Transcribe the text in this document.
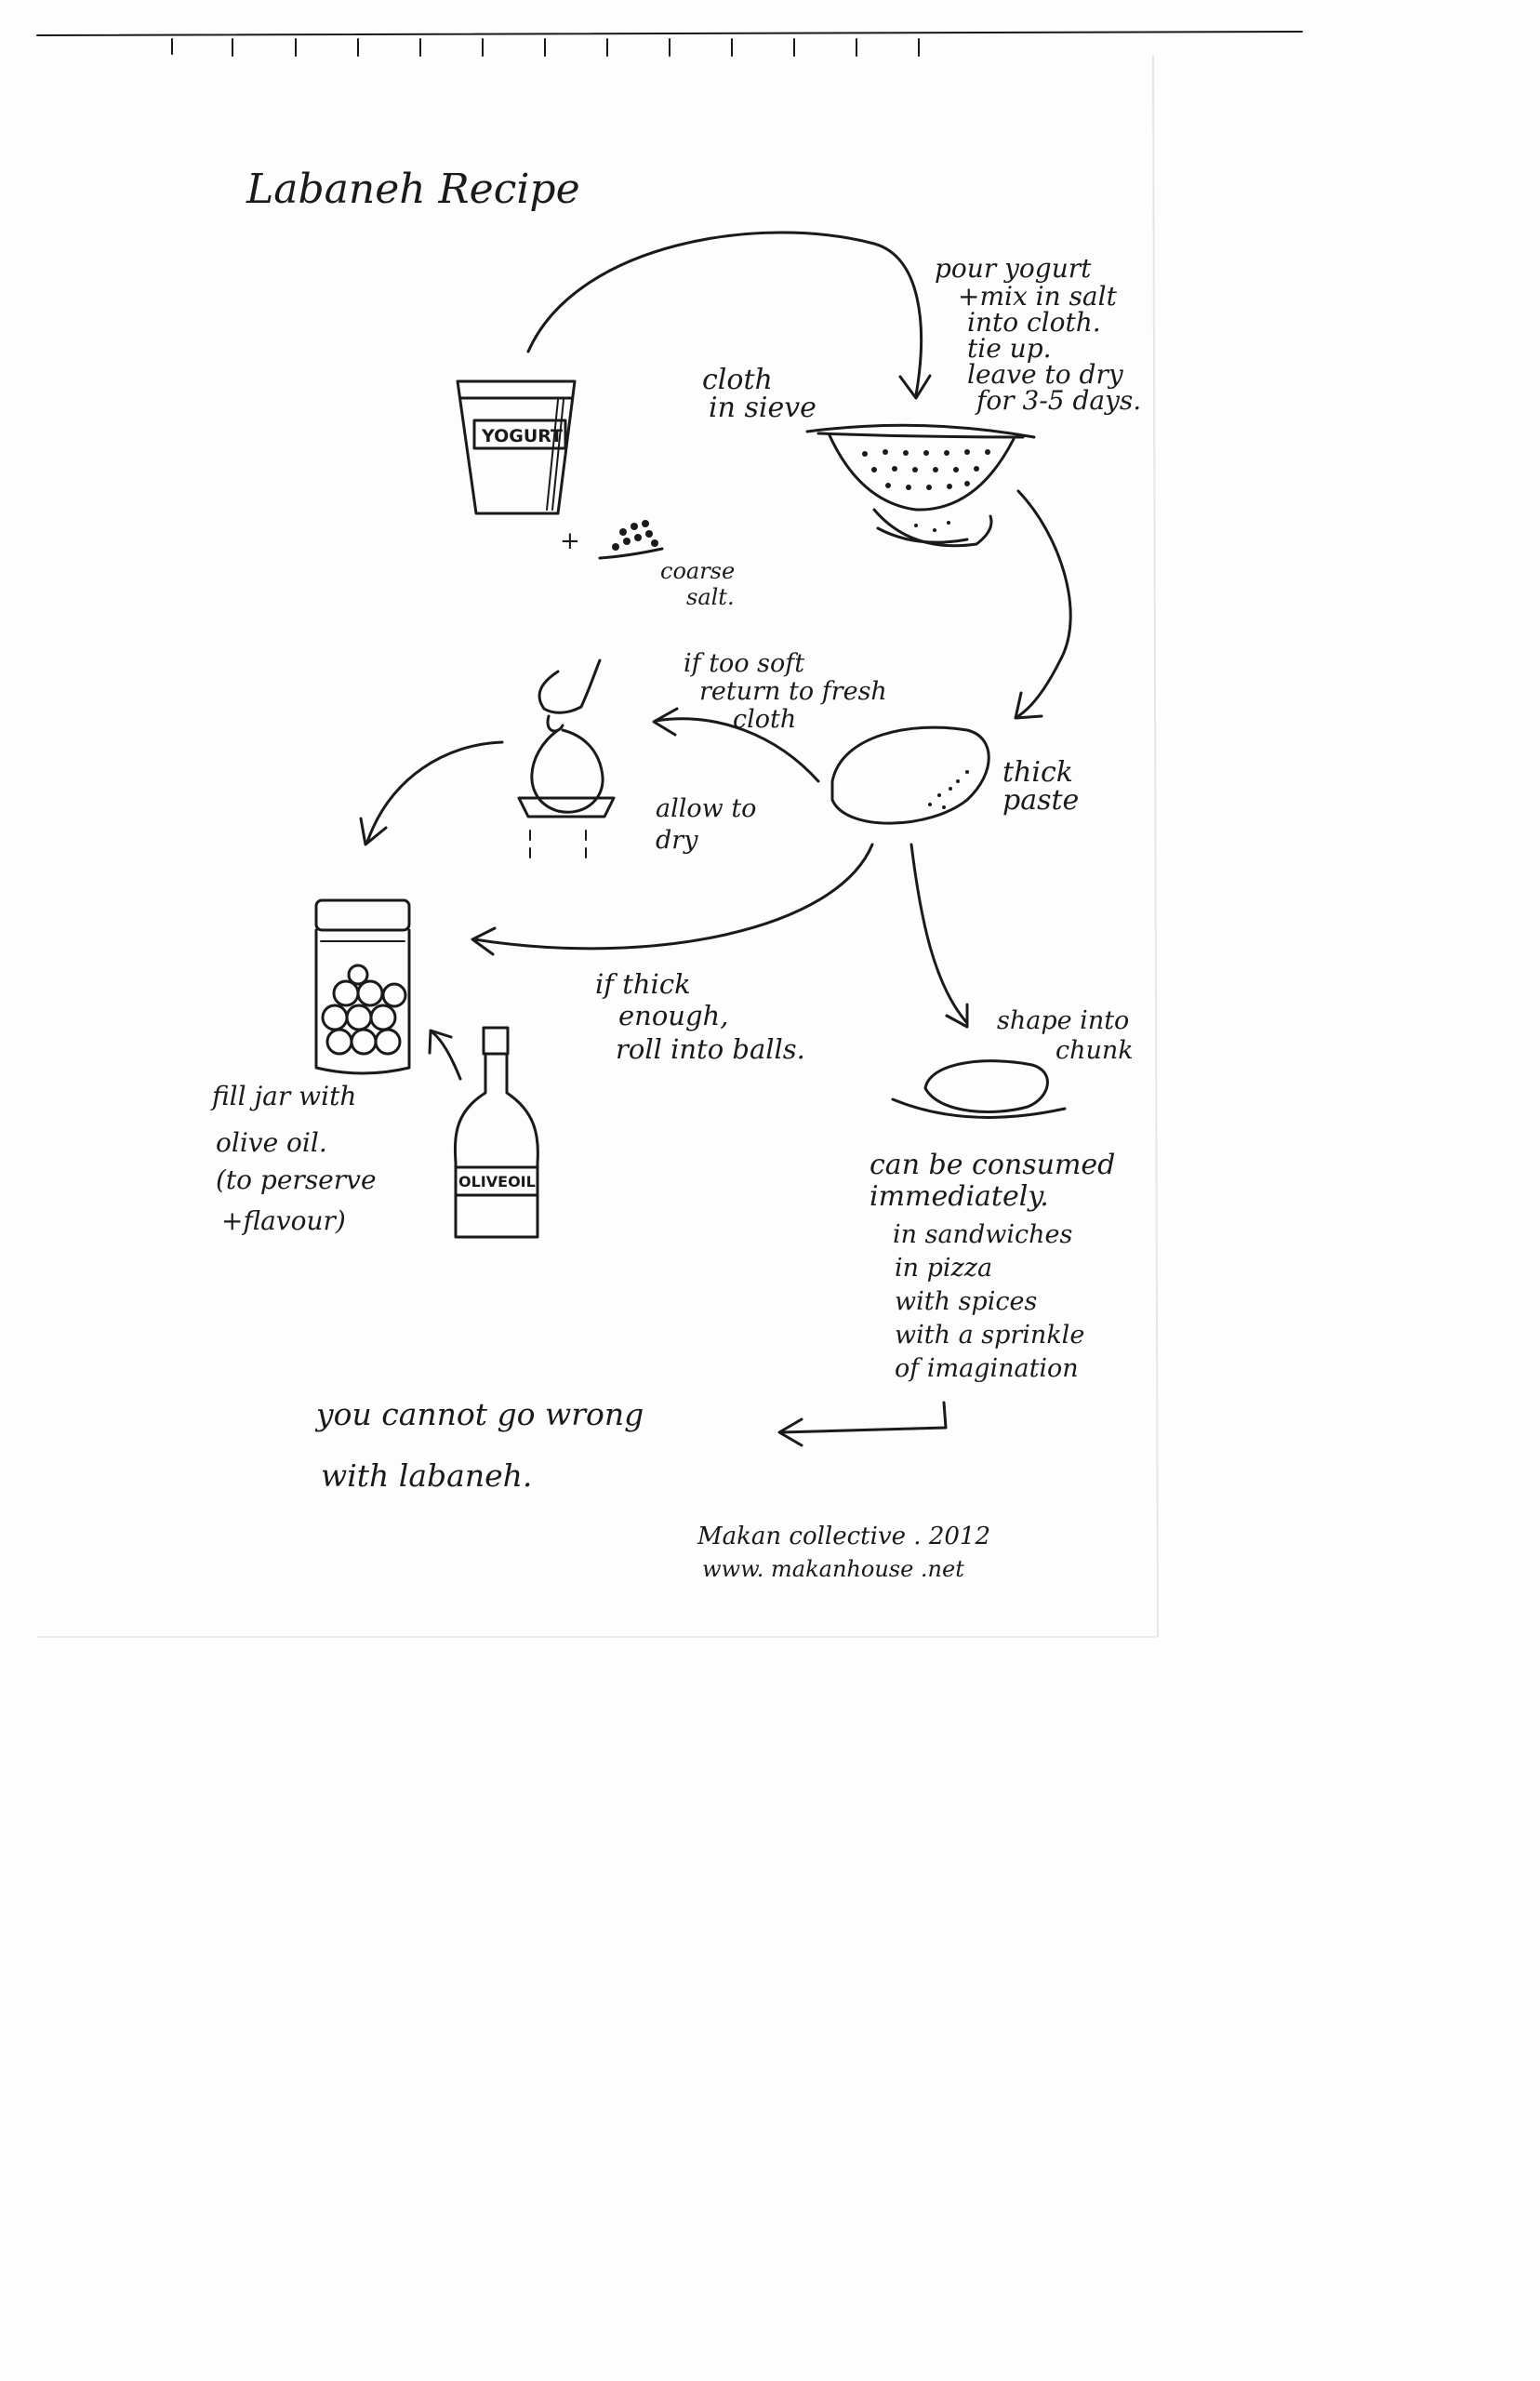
Labaneh Recipe
YOGURT
+
coarse
salt.
cloth
in sieve
pour yogurt
+mix in salt
into cloth.
tie up.
leave to dry
for 3-5 days.
thick
paste
if too soft
return to fresh
cloth
allow to
dry
if thick
enough,
roll into balls.
shape into
chunk
OLIVEOIL
fill jar with
olive oil.
(to perserve
+flavour)
can be consumed
immediately.
in sandwiches
in pizza
with spices
with a sprinkle
of imagination
you cannot go wrong
with labaneh.
Makan collective . 2012
www. makanhouse .net
